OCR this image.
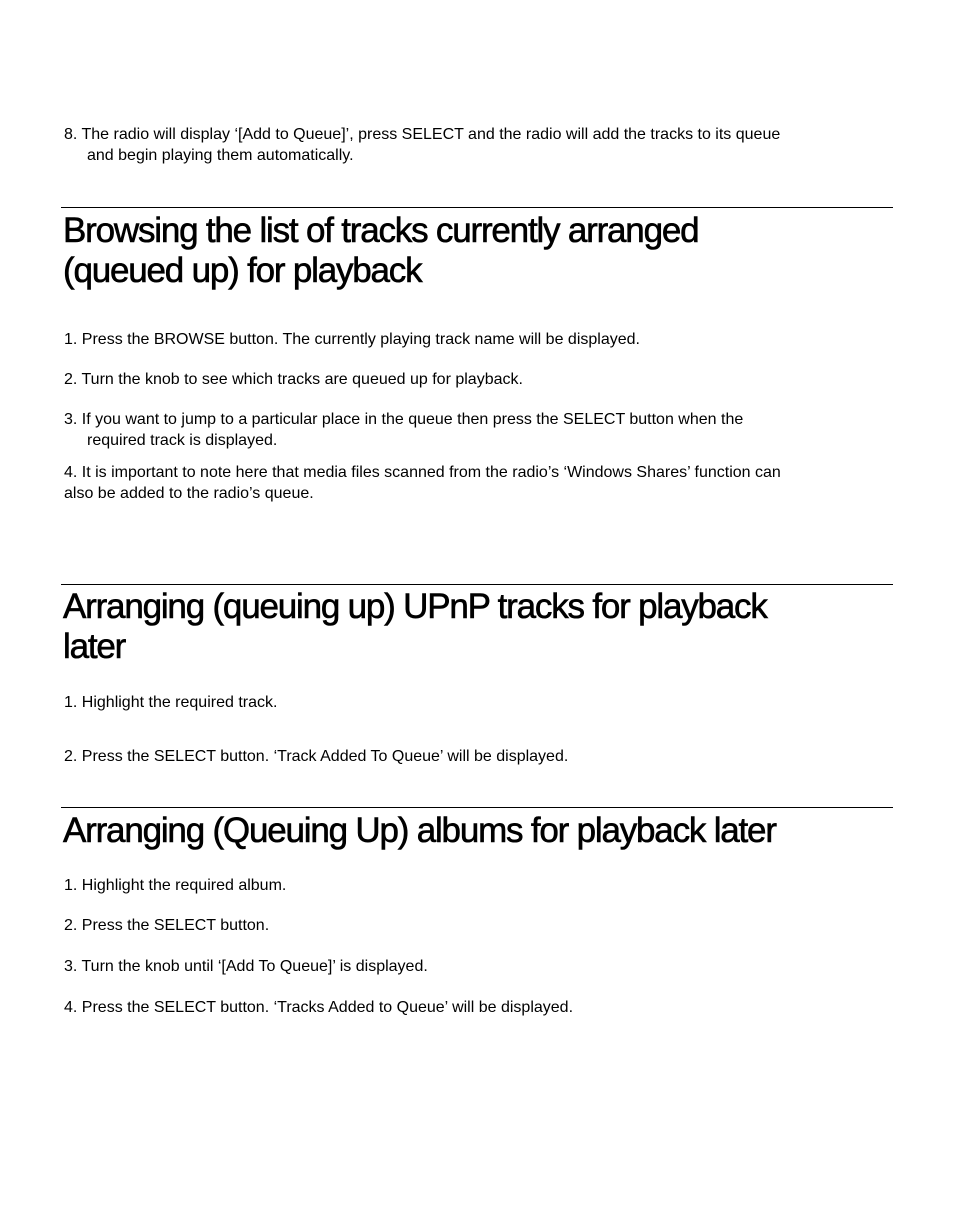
8. The radio will display ‘[Add to Queue]’, press SELECT and the radio will add the tracks to its queue
and begin playing them automatically.

Browsing the list of tracks currently arranged
(queued up) for playback

1. Press the BROWSE button. The currently playing track name will be displayed.

2. Turn the knob to see which tracks are queued up for playback.

3. If you want to jump to a particular place in the queue then press the SELECT button when the
required track is displayed.

4. It is important to note here that media files scanned from the radio’s ‘Windows Shares’ function can
also be added to the radio’s queue.

Arranging (queuing up) UPnP tracks for playback
later

1. Highlight the required track.

2. Press the SELECT button. ‘Track Added To Queue’ will be displayed.

Arranging (Queuing Up) albums for playback later

1. Highlight the required album.

2. Press the SELECT button.

3. Turn the knob until ‘[Add To Queue]’ is displayed.

4. Press the SELECT button. ‘Tracks Added to Queue’ will be displayed.
